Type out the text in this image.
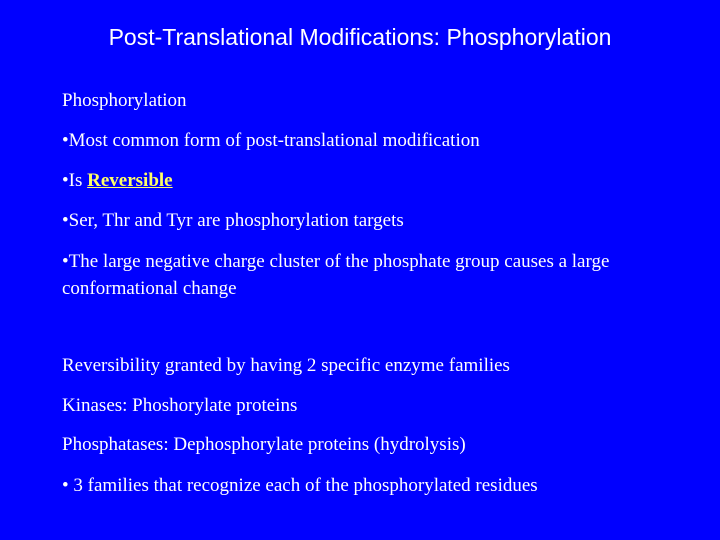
Post-Translational Modifications: Phosphorylation
Phosphorylation
•Most common form of post-translational modification
•Is Reversible
•Ser, Thr and Tyr are phosphorylation targets
•The large negative charge cluster of the phosphate group causes a large conformational change
Reversibility granted by having 2 specific enzyme families
Kinases: Phoshorylate proteins
Phosphatases: Dephosphorylate proteins (hydrolysis)
• 3 families that recognize each of the phosphorylated residues
